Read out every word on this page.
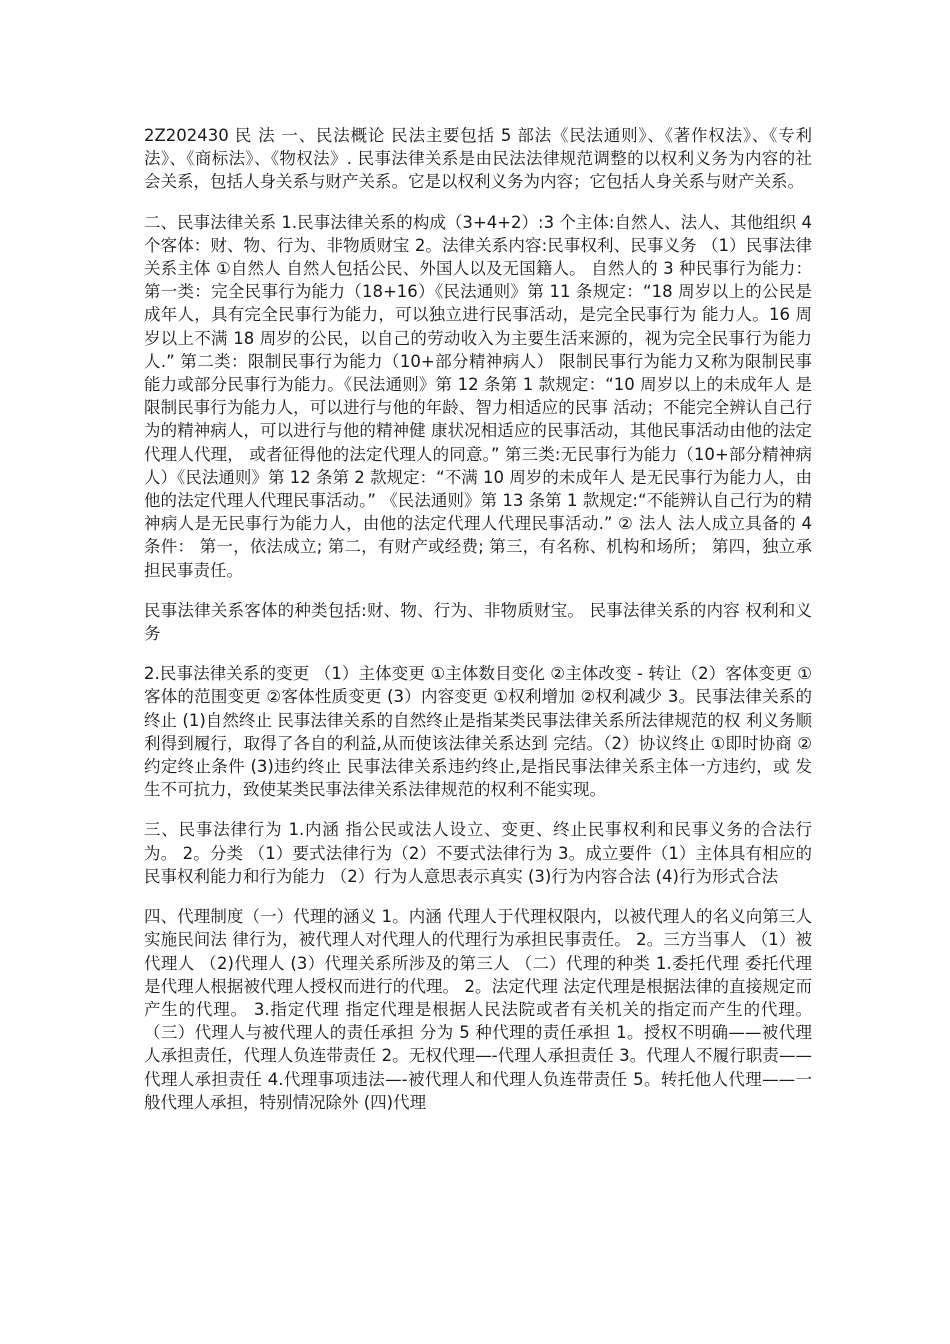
2Z202430 民 法 一、民法概论 民法主要包括 5 部法《民法通则》、《著作权法》、《专利法》、《商标法》、《物权法》. 民事法律关系是由民法法律规范调整的以权利义务为内容的社会关系，包括人身关系与财产关系。它是以权利义务为内容；它包括人身关系与财产关系。

二、民事法律关系 1.民事法律关系的构成（3+4+2）:3 个主体:自然人、法人、其他组织 4 个客体：财、物、行为、非物质财宝 2。法律关系内容:民事权利、民事义务 （1）民事法律关系主体 ①自然人 自然人包括公民、外国人以及无国籍人。 自然人的 3 种民事行为能力：第一类：完全民事行为能力（18+16）《民法通则》第 11 条规定：“18 周岁以上的公民是成年人，具有完全民事行为能力，可以独立进行民事活动，是完全民事行为 能力人。16 周岁以上不满 18 周岁的公民，以自己的劳动收入为主要生活来源的，视为完全民事行为能力人.” 第二类：限制民事行为能力（10+部分精神病人） 限制民事行为能力又称为限制民事能力或部分民事行为能力。《民法通则》第 12 条第 1 款规定：“10 周岁以上的未成年人 是限制民事行为能力人，可以进行与他的年龄、智力相适应的民事 活动；不能完全辨认自己行为的精神病人，可以进行与他的精神健 康状况相适应的民事活动，其他民事活动由他的法定代理人代理， 或者征得他的法定代理人的同意。” 第三类:无民事行为能力（10+部分精神病人）《民法通则》第 12 条第 2 款规定：“不满 10 周岁的未成年人 是无民事行为能力人，由他的法定代理人代理民事活动。” 《民法通则》第 13 条第 1 款规定:“不能辨认自己行为的精神病人是无民事行为能力人，由他的法定代理人代理民事活动.” ② 法人 法人成立具备的 4 条件： 第一，依法成立; 第二，有财产或经费; 第三，有名称、机构和场所； 第四，独立承担民事责任。

民事法律关系客体的种类包括:财、物、行为、非物质财宝。 民事法律关系的内容 权利和义务

2.民事法律关系的变更 （1）主体变更 ①主体数目变化 ②主体改变 - 转让（2）客体变更 ①客体的范围变更 ②客体性质变更 (3）内容变更 ①权利增加 ②权利减少 3。民事法律关系的终止 (1)自然终止 民事法律关系的自然终止是指某类民事法律关系所法律规范的权 利义务顺利得到履行，取得了各自的利益,从而使该法律关系达到 完结。（2）协议终止 ①即时协商 ②约定终止条件 (3)违约终止 民事法律关系违约终止,是指民事法律关系主体一方违约，或 发生不可抗力，致使某类民事法律关系法律规范的权利不能实现。

三、民事法律行为 1.内涵 指公民或法人设立、变更、终止民事权利和民事义务的合法行 为。 2。分类 （1）要式法律行为（2）不要式法律行为 3。成立要件（1）主体具有相应的民事权利能力和行为能力 （2）行为人意思表示真实 (3)行为内容合法 (4)行为形式合法

四、代理制度（一）代理的涵义 1。内涵 代理人于代理权限内，以被代理人的名义向第三人实施民间法 律行为，被代理人对代理人的代理行为承担民事责任。 2。三方当事人 （1）被代理人 （2)代理人 (3）代理关系所涉及的第三人 （二）代理的种类 1.委托代理 委托代理是代理人根据被代理人授权而进行的代理。 2。法定代理 法定代理是根据法律的直接规定而产生的代理。 3.指定代理 指定代理是根据人民法院或者有关机关的指定而产生的代理。（三）代理人与被代理人的责任承担 分为 5 种代理的责任承担 1。授权不明确——被代理人承担责任，代理人负连带责任 2。无权代理—-代理人承担责任 3。代理人不履行职责——代理人承担责任 4.代理事项违法—-被代理人和代理人负连带责任 5。转托他人代理——一般代理人承担，特别情况除外 (四)代理
